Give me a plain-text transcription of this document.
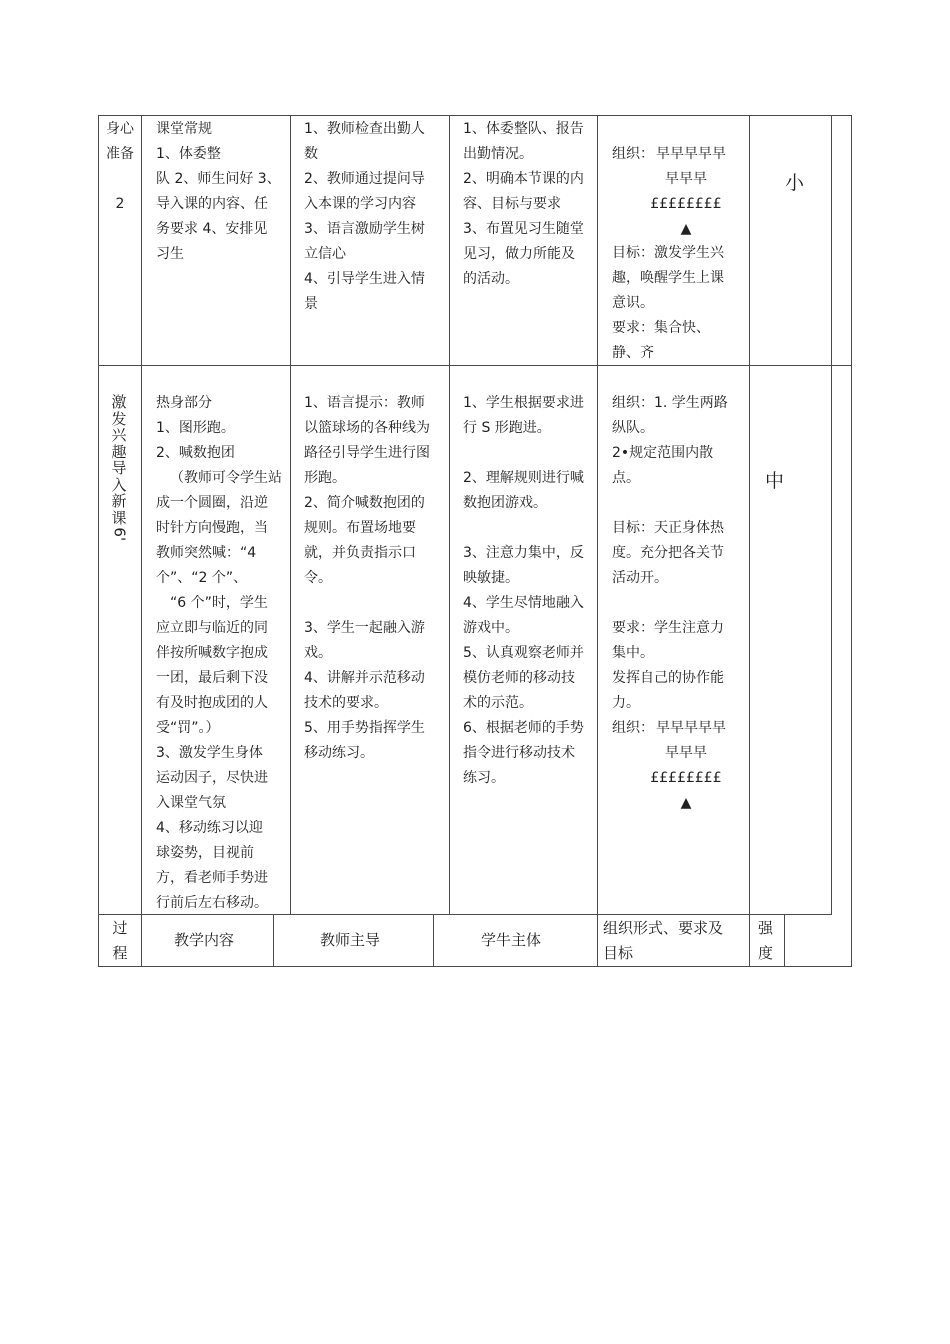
身心
准备
2
课堂常规
1、体委整
队 2、师生问好 3、
导入课的内容、任
务要求 4、安排见
习生
1、教师检查出勤人
数
2、教师通过提问导
入本课的学习内容
3、语言激励学生树
立信心
4、引导学生进入情
景
1、体委整队、报告
出勤情况。
2、明确本节课的内
容、目标与要求
3、布置见习生随堂
见习，做力所能及
的活动。
组织： 早早早早早
早早早
££££££££
▲
目标：激发学生兴
趣，唤醒学生上课
意识。
要求：集合快、
静、齐
小
激
发
兴
趣
导
入
新
课
6'
热身部分
1、图形跑。
2、喊数抱团
（教师可令学生站
成一个圆圈，沿逆
时针方向慢跑，当
教师突然喊：“4
个”、“2 个”、
“6 个”时，学生
应立即与临近的同
伴按所喊数字抱成
一团，最后剩下没
有及时抱成团的人
受“罚”。）
3、激发学生身体
运动因子，尽快进
入课堂气氛
4、移动练习以迎
球姿势，目视前
方，看老师手势进
行前后左右移动。
1、语言提示：教师
以篮球场的各种线为
路径引导学生进行图
形跑。
2、简介喊数抱团的
规则。布置场地要
就，并负责指示口
令。
3、学生一起融入游
戏。
4、讲解并示范移动
技术的要求。
5、用手势指挥学生
移动练习。
1、学生根据要求进
行 S 形跑进。
2、理解规则进行喊
数抱团游戏。
3、注意力集中，反
映敏捷。
4、学生尽情地融入
游戏中。
5、认真观察老师并
模仿老师的移动技
术的示范。
6、根据老师的手势
指令进行移动技术
练习。
组织：1. 学生两路
纵队。
2•规定范围内散
点。
目标：天正身体热
度。充分把各关节
活动开。
要求：学生注意力
集中。
发挥自己的协作能
力。
组织： 早早早早早
早早早
££££££££
▲
中
过
程
教学内容	教师主导	学牛主体
组织形式、要求及
目标
强
度
